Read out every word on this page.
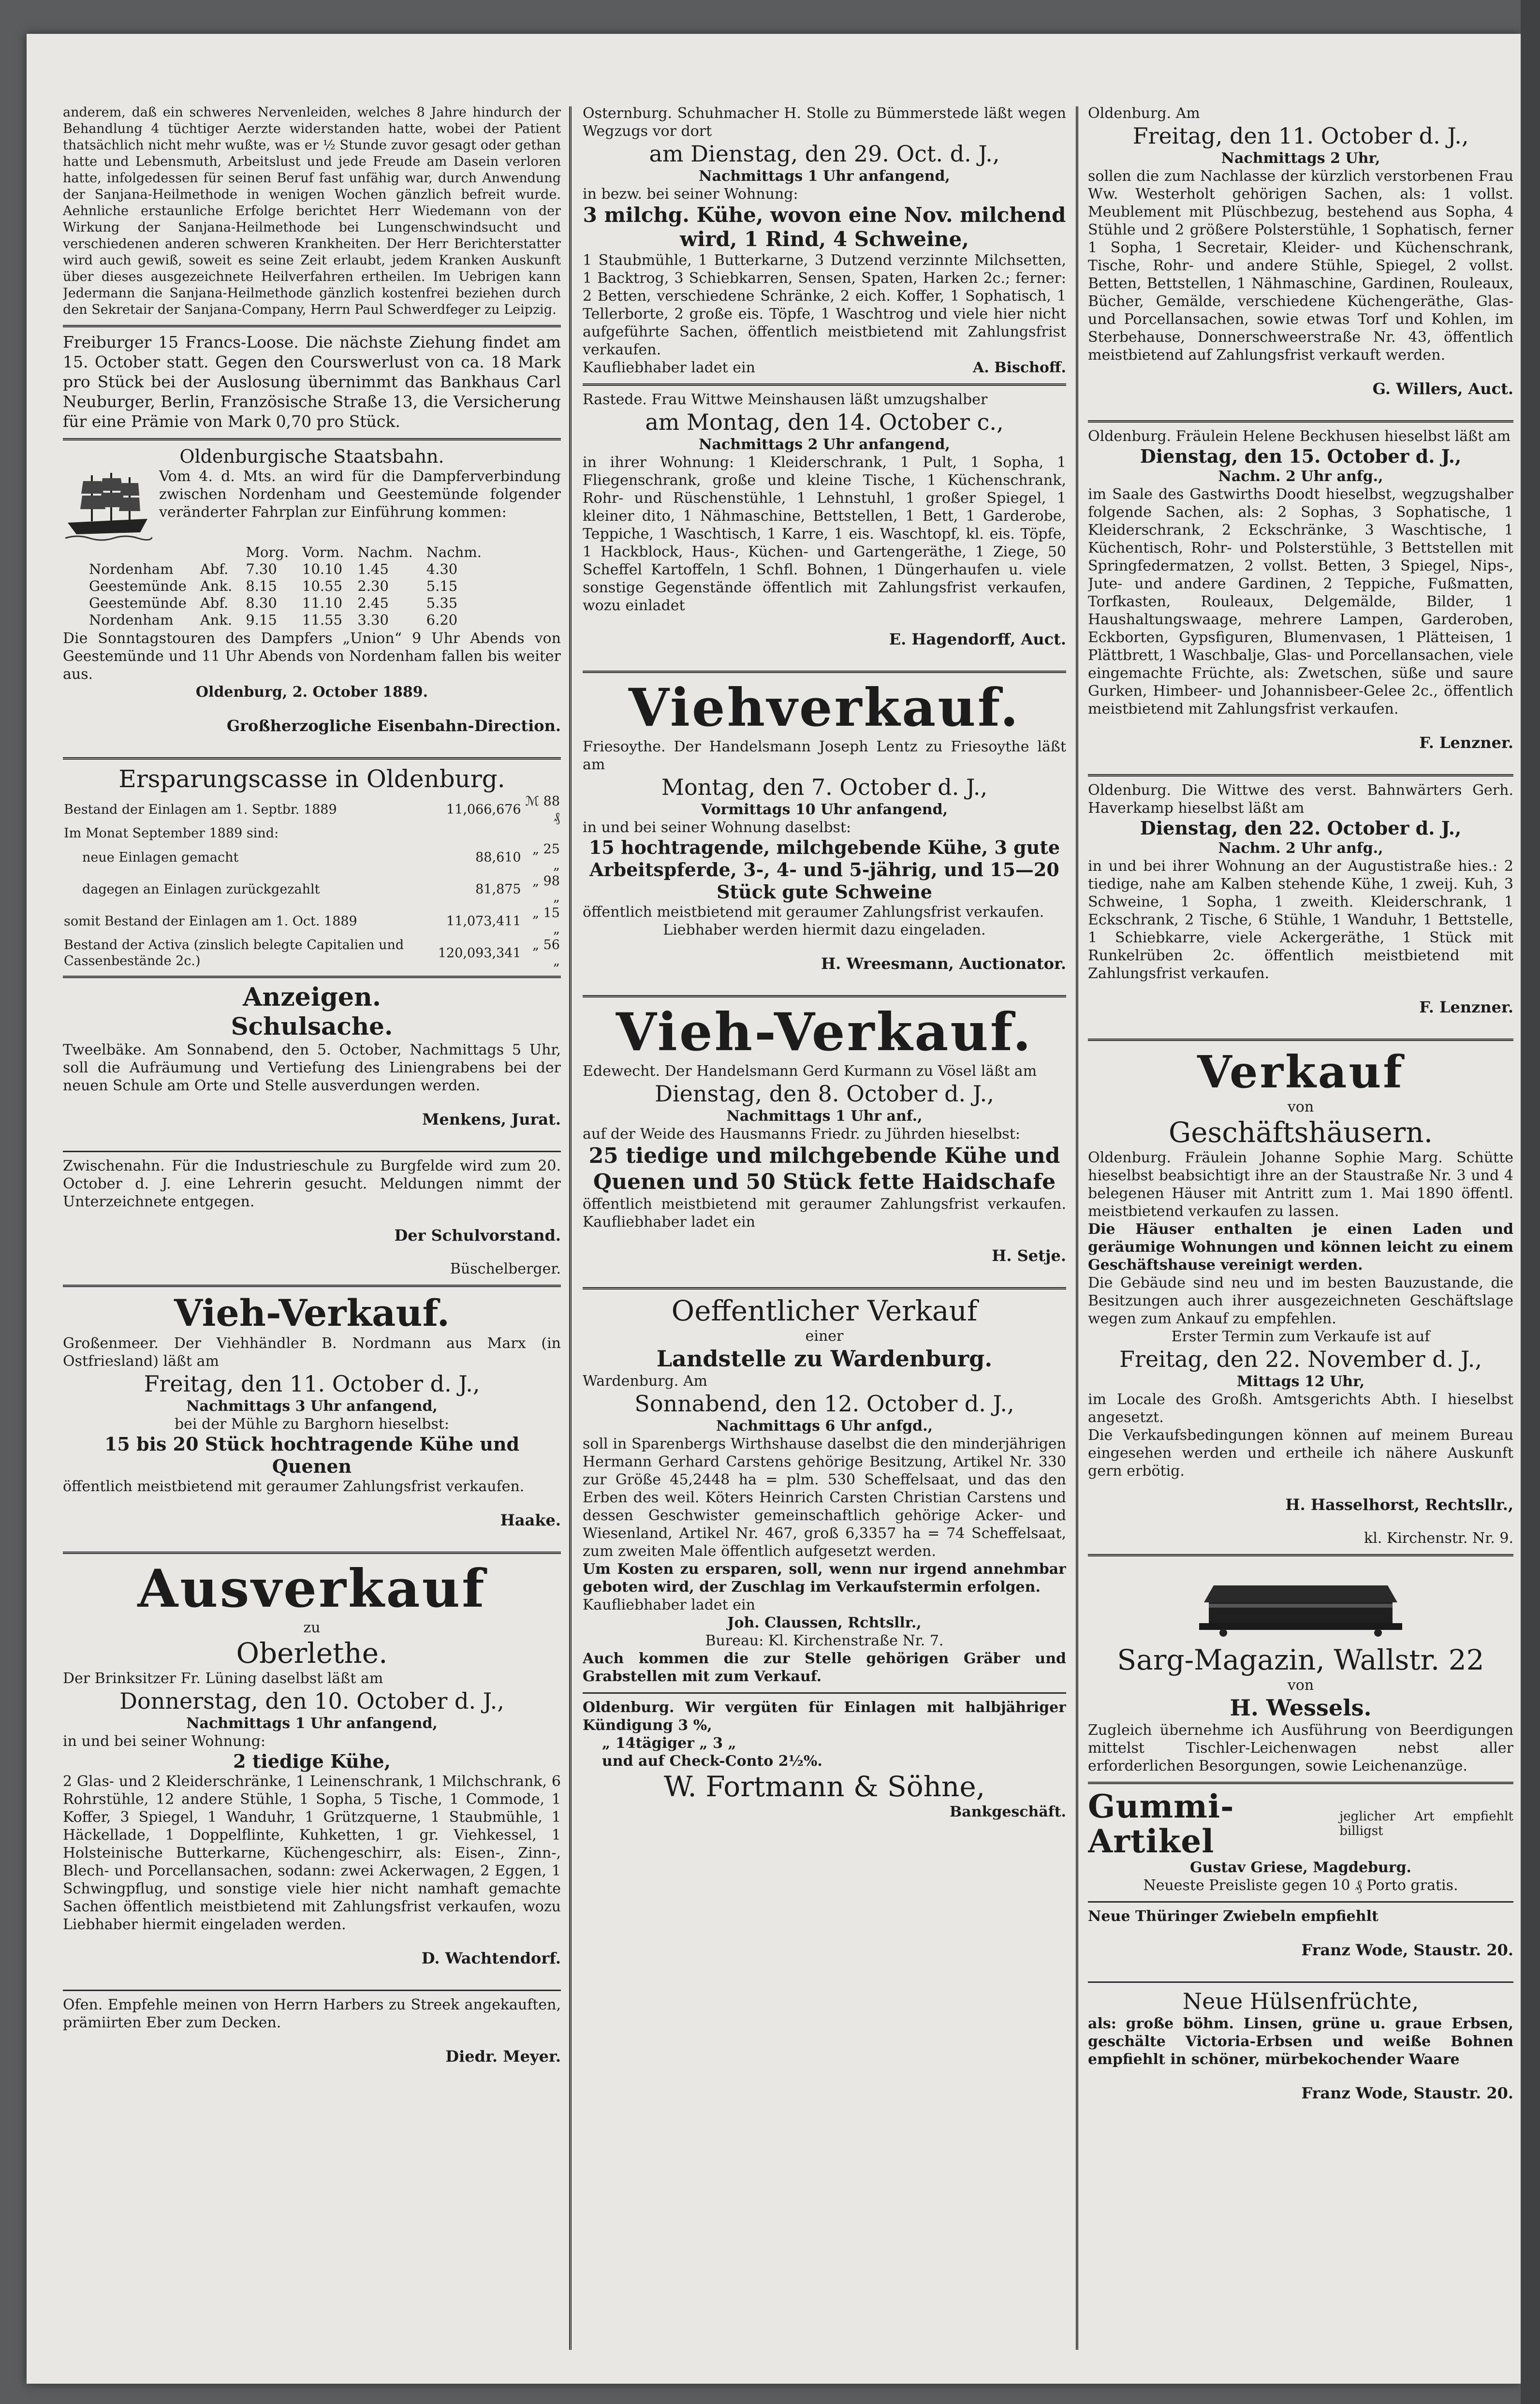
anderem, daß ein schweres Nervenleiden, welches 8 Jahre hindurch der Behandlung 4 tüchtiger Aerzte widerstanden hatte, wobei der Patient thatsächlich nicht mehr wußte, was er ½ Stunde zuvor gesagt oder gethan hatte und Lebensmuth, Arbeitslust und jede Freude am Dasein verloren hatte, infolgedessen für seinen Beruf fast unfähig war, durch Anwendung der Sanjana-Heilmethode in wenigen Wochen gänzlich befreit wurde. Aehnliche erstaunliche Erfolge berichtet Herr Wiedemann von der Wirkung der Sanjana-Heilmethode bei Lungenschwindsucht und verschiedenen anderen schweren Krankheiten. Der Herr Berichterstatter wird auch gewiß, soweit es seine Zeit erlaubt, jedem Kranken Auskunft über dieses ausgezeichnete Heilverfahren ertheilen. Im Uebrigen kann Jedermann die Sanjana-Heilmethode gänzlich kostenfrei beziehen durch den Sekretair der Sanjana-Company, Herrn Paul Schwerdfeger zu Leipzig.

Freiburger 15 Francs-Loose. Die nächste Ziehung findet am 15. October statt. Gegen den Courswerlust von ca. 18 Mark pro Stück bei der Auslosung übernimmt das Bankhaus Carl Neuburger, Berlin, Französische Straße 13, die Versicherung für eine Prämie von Mark 0,70 pro Stück.

Oldenburgische Staatsbahn.

Vom 4. d. Mts. an wird für die Dampferverbindung zwischen Nordenham und Geestemünde folgender veränderter Fahrplan zur Einführung kommen:

		Morg.	Vorm.	Nachm.	Nachm.
Nordenham	Abf.	7.30	10.10	1.45	4.30
Geestemünde	Ank.	8.15	10.55	2.30	5.15
Geestemünde	Abf.	8.30	11.10	2.45	5.35
Nordenham	Ank.	9.15	11.55	3.30	6.20

Die Sonntagstouren des Dampfers „Union“ 9 Uhr Abends von Geestemünde und 11 Uhr Abends von Nordenham fallen bis weiter aus.

Oldenburg, 2. October 1889.

Großherzogliche Eisenbahn-Direction.

Ersparungscasse in Oldenburg.

Bestand der Einlagen am 1. Septbr. 1889	11,066,676	ℳ 88 ₰
Im Monat September 1889 sind:		
neue Einlagen gemacht	88,610	„ 25 „
dagegen an Einlagen zurückgezahlt	81,875	„ 98 „
somit Bestand der Einlagen am 1. Oct. 1889	11,073,411	„ 15 „
Bestand der Activa (zinslich belegte Capitalien und Cassenbestände 2c.)	120,093,341	„ 56 „

Anzeigen.

Schulsache.

Tweelbäke. Am Sonnabend, den 5. October, Nachmittags 5 Uhr, soll die Aufräumung und Vertiefung des Liniengrabens bei der neuen Schule am Orte und Stelle ausverdungen werden.

Menkens, Jurat.

Zwischenahn. Für die Industrieschule zu Burgfelde wird zum 20. October d. J. eine Lehrerin gesucht. Meldungen nimmt der Unterzeichnete entgegen.

Der Schulvorstand.

Büschelberger.

Vieh-Verkauf.

Großenmeer. Der Viehhändler B. Nordmann aus Marx (in Ostfriesland) läßt am

Freitag, den 11. October d. J.,

Nachmittags 3 Uhr anfangend,

bei der Mühle zu Barghorn hieselbst:

15 bis 20 Stück hochtragende Kühe und Quenen

öffentlich meistbietend mit geraumer Zahlungsfrist verkaufen.

Haake.

Ausverkauf

zu

Oberlethe.

Der Brinksitzer Fr. Lüning daselbst läßt am

Donnerstag, den 10. October d. J.,

Nachmittags 1 Uhr anfangend,

in und bei seiner Wohnung:

2 tiedige Kühe,

2 Glas- und 2 Kleiderschränke, 1 Leinenschrank, 1 Milchschrank, 6 Rohrstühle, 12 andere Stühle, 1 Sopha, 5 Tische, 1 Commode, 1 Koffer, 3 Spiegel, 1 Wanduhr, 1 Grützquerne, 1 Staubmühle, 1 Häckellade, 1 Doppelflinte, Kuhketten, 1 gr. Viehkessel, 1 Holsteinische Butterkarne, Küchengeschirr, als: Eisen-, Zinn-, Blech- und Porcellansachen, sodann: zwei Ackerwagen, 2 Eggen, 1 Schwingpflug, und sonstige viele hier nicht namhaft gemachte Sachen öffentlich meistbietend mit Zahlungsfrist verkaufen, wozu Liebhaber hiermit eingeladen werden.

D. Wachtendorf.

Ofen. Empfehle meinen von Herrn Harbers zu Streek angekauften, prämiirten Eber zum Decken.

Diedr. Meyer.

Osternburg. Schuhmacher H. Stolle zu Bümmerstede läßt wegen Wegzugs vor dort

am Dienstag, den 29. Oct. d. J.,

Nachmittags 1 Uhr anfangend,

in bezw. bei seiner Wohnung:

3 milchg. Kühe, wovon eine Nov. milchend wird, 1 Rind, 4 Schweine,

1 Staubmühle, 1 Butterkarne, 3 Dutzend verzinnte Milchsetten, 1 Backtrog, 3 Schiebkarren, Sensen, Spaten, Harken 2c.; ferner: 2 Betten, verschiedene Schränke, 2 eich. Koffer, 1 Sophatisch, 1 Tellerborte, 2 große eis. Töpfe, 1 Waschtrog und viele hier nicht aufgeführte Sachen, öffentlich meistbietend mit Zahlungsfrist verkaufen.

Kaufliebhaber ladet ein	A. Bischoff.

Rastede. Frau Wittwe Meinshausen läßt umzugshalber

am Montag, den 14. October c.,

Nachmittags 2 Uhr anfangend,

in ihrer Wohnung: 1 Kleiderschrank, 1 Pult, 1 Sopha, 1 Fliegenschrank, große und kleine Tische, 1 Küchenschrank, Rohr- und Rüschenstühle, 1 Lehnstuhl, 1 großer Spiegel, 1 kleiner dito, 1 Nähmaschine, Bettstellen, 1 Bett, 1 Garderobe, Teppiche, 1 Waschtisch, 1 Karre, 1 eis. Waschtopf, kl. eis. Töpfe, 1 Hackblock, Haus-, Küchen- und Gartengeräthe, 1 Ziege, 50 Scheffel Kartoffeln, 1 Schfl. Bohnen, 1 Düngerhaufen u. viele sonstige Gegenstände öffentlich mit Zahlungsfrist verkaufen, wozu einladet

E. Hagendorff, Auct.

Viehverkauf.

Friesoythe. Der Handelsmann Joseph Lentz zu Friesoythe läßt am

Montag, den 7. October d. J.,

Vormittags 10 Uhr anfangend,

in und bei seiner Wohnung daselbst:

15 hochtragende, milchgebende Kühe, 3 gute Arbeitspferde, 3-, 4- und 5-jährig, und 15—20 Stück gute Schweine

öffentlich meistbietend mit geraumer Zahlungsfrist verkaufen.

Liebhaber werden hiermit dazu eingeladen.

H. Wreesmann, Auctionator.

Vieh-Verkauf.

Edewecht. Der Handelsmann Gerd Kurmann zu Vösel läßt am

Dienstag, den 8. October d. J.,

Nachmittags 1 Uhr anf.,

auf der Weide des Hausmanns Friedr. zu Jührden hieselbst:

25 tiedige und milchgebende Kühe und Quenen und 50 Stück fette Haidschafe

öffentlich meistbietend mit geraumer Zahlungsfrist verkaufen. Kaufliebhaber ladet ein

H. Setje.

Oeffentlicher Verkauf

einer

Landstelle zu Wardenburg.

Wardenburg. Am

Sonnabend, den 12. October d. J.,

Nachmittags 6 Uhr anfgd.,

soll in Sparenbergs Wirthshause daselbst die den minderjährigen Hermann Gerhard Carstens gehörige Besitzung, Artikel Nr. 330 zur Größe 45,2448 ha = plm. 530 Scheffelsaat, und das den Erben des weil. Köters Heinrich Carsten Christian Carstens und dessen Geschwister gemeinschaftlich gehörige Acker- und Wiesenland, Artikel Nr. 467, groß 6,3357 ha = 74 Scheffelsaat, zum zweiten Male öffentlich aufgesetzt werden.

Um Kosten zu ersparen, soll, wenn nur irgend annehmbar geboten wird, der Zuschlag im Verkaufstermin erfolgen.

Kaufliebhaber ladet ein

Joh. Claussen, Rchtsllr.,

Bureau: Kl. Kirchenstraße Nr. 7.

Auch kommen die zur Stelle gehörigen Gräber und Grabstellen mit zum Verkauf.

Oldenburg. Wir vergüten für Einlagen mit halbjähriger Kündigung 3 %,

„ 14tägiger „ 3 „

und auf Check-Conto 2½%.

W. Fortmann & Söhne,

Bankgeschäft.

Oldenburg. Am

Freitag, den 11. October d. J.,

Nachmittags 2 Uhr,

sollen die zum Nachlasse der kürzlich verstorbenen Frau Ww. Westerholt gehörigen Sachen, als: 1 vollst. Meublement mit Plüschbezug, bestehend aus Sopha, 4 Stühle und 2 größere Polsterstühle, 1 Sophatisch, ferner 1 Sopha, 1 Secretair, Kleider- und Küchenschrank, Tische, Rohr- und andere Stühle, Spiegel, 2 vollst. Betten, Bettstellen, 1 Nähmaschine, Gardinen, Rouleaux, Bücher, Gemälde, verschiedene Küchengeräthe, Glas- und Porcellansachen, sowie etwas Torf und Kohlen, im Sterbehause, Donnerschweerstraße Nr. 43, öffentlich meistbietend auf Zahlungsfrist verkauft werden.

G. Willers, Auct.

Oldenburg. Fräulein Helene Beckhusen hieselbst läßt am

Dienstag, den 15. October d. J.,

Nachm. 2 Uhr anfg.,

im Saale des Gastwirths Doodt hieselbst, wegzugshalber folgende Sachen, als: 2 Sophas, 3 Sophatische, 1 Kleiderschrank, 2 Eckschränke, 3 Waschtische, 1 Küchentisch, Rohr- und Polsterstühle, 3 Bettstellen mit Springfedermatzen, 2 vollst. Betten, 3 Spiegel, Nips-, Jute- und andere Gardinen, 2 Teppiche, Fußmatten, Torfkasten, Rouleaux, Delgemälde, Bilder, 1 Haushaltungswaage, mehrere Lampen, Garderoben, Eckborten, Gypsfiguren, Blumenvasen, 1 Plätteisen, 1 Plättbrett, 1 Waschbalje, Glas- und Porcellansachen, viele eingemachte Früchte, als: Zwetschen, süße und saure Gurken, Himbeer- und Johannisbeer-Gelee 2c., öffentlich meistbietend mit Zahlungsfrist verkaufen.

F. Lenzner.

Oldenburg. Die Wittwe des verst. Bahnwärters Gerh. Haverkamp hieselbst läßt am

Dienstag, den 22. October d. J.,

Nachm. 2 Uhr anfg.,

in und bei ihrer Wohnung an der Augustistraße hies.: 2 tiedige, nahe am Kalben stehende Kühe, 1 zweij. Kuh, 3 Schweine, 1 Sopha, 1 zweith. Kleiderschrank, 1 Eckschrank, 2 Tische, 6 Stühle, 1 Wanduhr, 1 Bettstelle, 1 Schiebkarre, viele Ackergeräthe, 1 Stück mit Runkelrüben 2c. öffentlich meistbietend mit Zahlungsfrist verkaufen.

F. Lenzner.

Verkauf

von

Geschäftshäusern.

Oldenburg. Fräulein Johanne Sophie Marg. Schütte hieselbst beabsichtigt ihre an der Staustraße Nr. 3 und 4 belegenen Häuser mit Antritt zum 1. Mai 1890 öffentl. meistbietend verkaufen zu lassen.

Die Häuser enthalten je einen Laden und geräumige Wohnungen und können leicht zu einem Geschäftshause vereinigt werden.

Die Gebäude sind neu und im besten Bauzustande, die Besitzungen auch ihrer ausgezeichneten Geschäftslage wegen zum Ankauf zu empfehlen.

Erster Termin zum Verkaufe ist auf

Freitag, den 22. November d. J.,

Mittags 12 Uhr,

im Locale des Großh. Amtsgerichts Abth. I hieselbst angesetzt.

Die Verkaufsbedingungen können auf meinem Bureau eingesehen werden und ertheile ich nähere Auskunft gern erbötig.

H. Hasselhorst, Rechtsllr.,

kl. Kirchenstr. Nr. 9.

Sarg-Magazin, Wallstr. 22

von

H. Wessels.

Zugleich übernehme ich Ausführung von Beerdigungen mittelst Tischler-Leichenwagen nebst aller erforderlichen Besorgungen, sowie Leichenanzüge.

Gummi-Artikel
jeglicher Art empfiehlt billigst

Gustav Griese, Magdeburg.

Neueste Preisliste gegen 10 ₰ Porto gratis.

Neue Thüringer Zwiebeln empfiehlt

Franz Wode, Staustr. 20.

Neue Hülsenfrüchte,

als: große böhm. Linsen, grüne u. graue Erbsen, geschälte Victoria-Erbsen und weiße Bohnen empfiehlt in schöner, mürbekochender Waare

Franz Wode, Staustr. 20.
